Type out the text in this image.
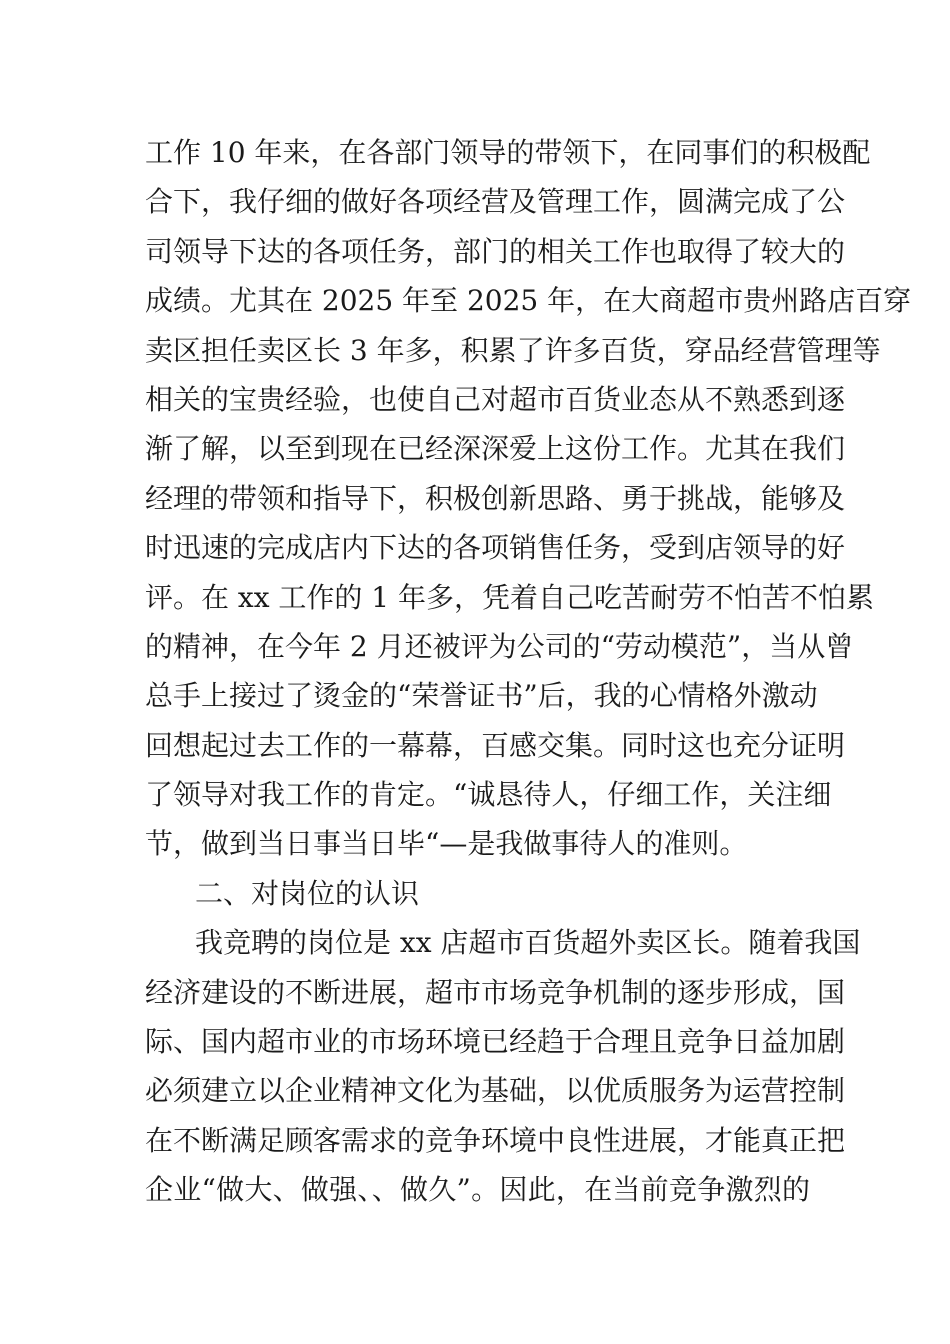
工作 10 年来，在各部门领导的带领下，在同事们的积极配
合下，我仔细的做好各项经营及管理工作，圆满完成了公
司领导下达的各项任务，部门的相关工作也取得了较大的
成绩。尤其在 2025 年至 2025 年，在大商超市贵州路店百穿
卖区担任卖区长 3 年多，积累了许多百货，穿品经营管理等
相关的宝贵经验，也使自己对超市百货业态从不熟悉到逐
渐了解，以至到现在已经深深爱上这份工作。尤其在我们
经理的带领和指导下，积极创新思路、勇于挑战，能够及
时迅速的完成店内下达的各项销售任务，受到店领导的好
评。在 xx 工作的 1 年多，凭着自己吃苦耐劳不怕苦不怕累
的精神，在今年 2 月还被评为公司的“劳动模范”，当从曾
总手上接过了烫金的“荣誉证书”后，我的心情格外激动
回想起过去工作的一幕幕，百感交集。同时这也充分证明
了领导对我工作的肯定。“诚恳待人，仔细工作，关注细
节，做到当日事当日毕“—是我做事待人的准则。
二、对岗位的认识
我竞聘的岗位是 xx 店超市百货超外卖区长。随着我国
经济建设的不断进展，超市市场竞争机制的逐步形成，国
际、国内超市业的市场环境已经趋于合理且竞争日益加剧
必须建立以企业精神文化为基础，以优质服务为运营控制
在不断满足顾客需求的竞争环境中良性进展，才能真正把
企业“做大、做强、、做久”。因此，在当前竞争激烈的
